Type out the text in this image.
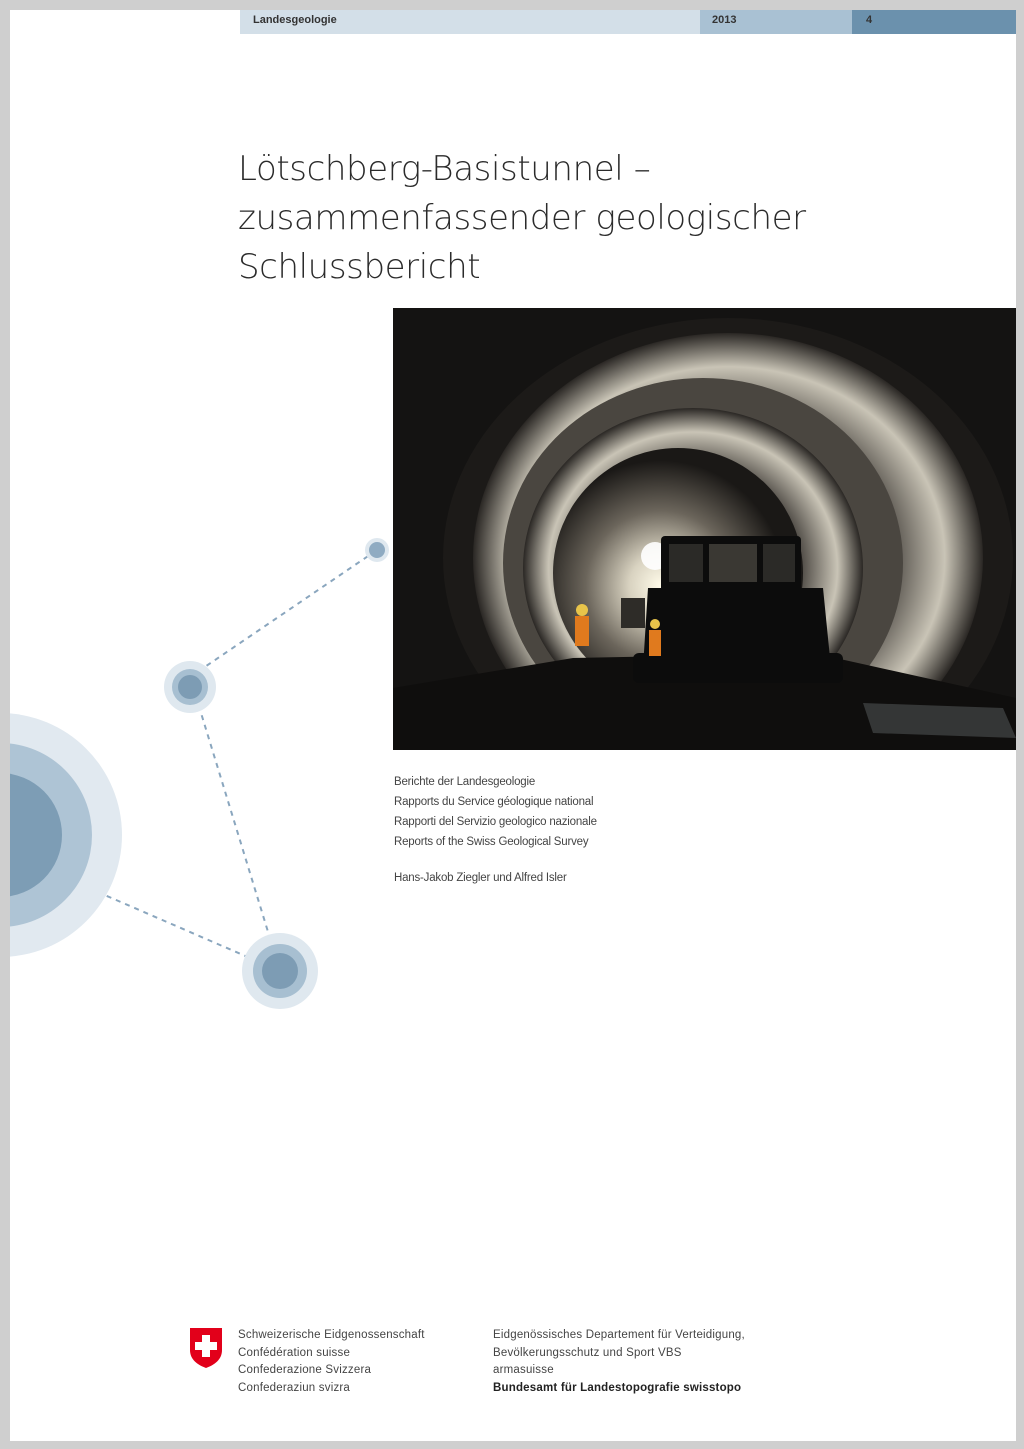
Landesgeologie	2013	4
Lötschberg-Basistunnel –
zusammenfassender geologischer
Schlussbericht
Berichte der Landesgeologie
Rapports du Service géologique national
Rapporti del Servizio geologico nazionale
Reports of the Swiss Geological Survey
Hans-Jakob Ziegler und Alfred Isler
Schweizerische Eidgenossenschaft
Confédération suisse
Confederazione Svizzera
Confederaziun svizra
Eidgenössisches Departement für Verteidigung,
Bevölkerungsschutz und Sport VBS
armasuisse
Bundesamt für Landestopografie swisstopo
